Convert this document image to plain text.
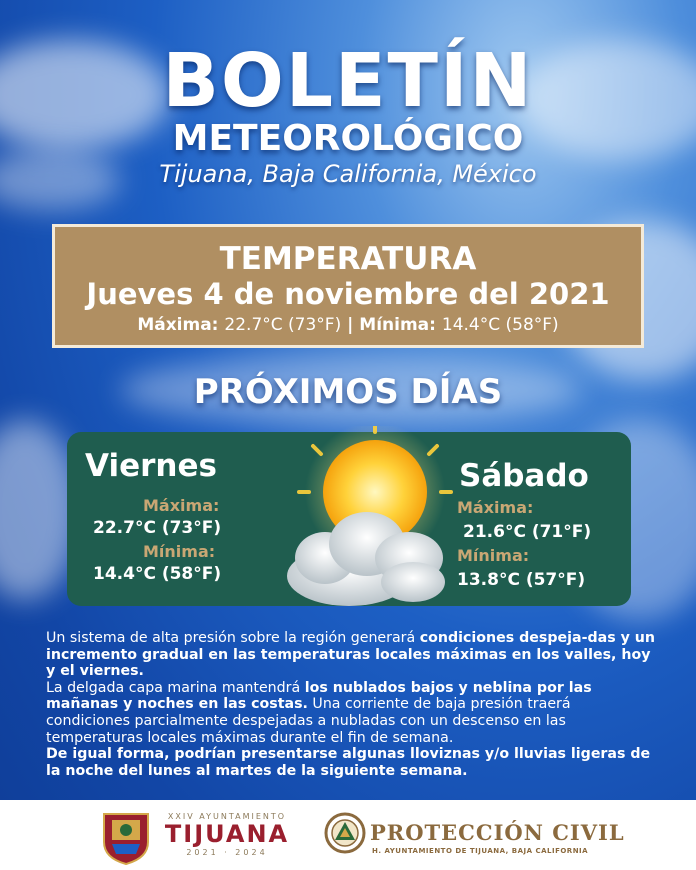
BOLETÍN
METEOROLÓGICO
Tijuana, Baja California, México
TEMPERATURA
Jueves 4 de noviembre del 2021
Máxima: 22.7°C (73°F) | Mínima: 14.4°C (58°F)
PRÓXIMOS DÍAS
Viernes
Máxima:
22.7°C (73°F)
Mínima:
14.4°C (58°F)
Sábado
Máxima:
21.6°C (71°F)
Mínima:
13.8°C (57°F)
Un sistema de alta presión sobre la región generará condiciones despeja-das y un incremento gradual en las temperaturas locales máximas en los valles, hoy y el viernes.
La delgada capa marina mantendrá los nublados bajos y neblina por las mañanas y noches en las costas. Una corriente de baja presión traerá condiciones parcialmente despejadas a nubladas con un descenso en las temperaturas locales máximas durante el fin de semana.
De igual forma, podrían presentarse algunas lloviznas y/o lluvias ligeras de la noche del lunes al martes de la siguiente semana.
XXIV AYUNTAMIENTO
TIJUANA
2021 · 2024
PROTECCIÓN CIVIL
H. AYUNTAMIENTO DE TIJUANA, BAJA CALIFORNIA
